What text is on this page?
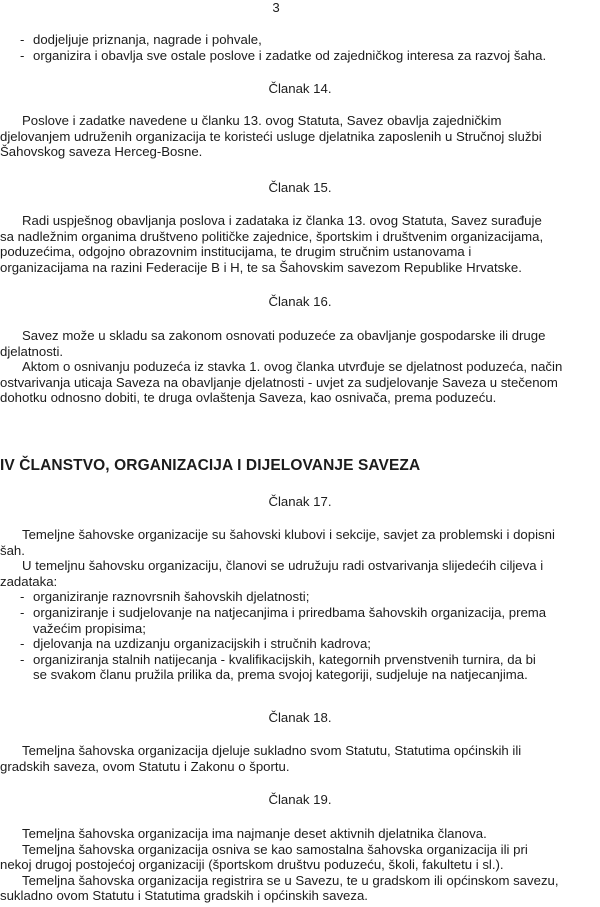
3
- dodjeljuje priznanja, nagrade i pohvale,
- organizira i obavlja sve ostale poslove i zadatke od zajedničkog interesa za razvoj šaha.
Članak 14.
Poslove i zadatke navedene u članku 13. ovog Statuta, Savez obavlja zajedničkim
djelovanjem udruženih organizacija te koristeći usluge djelatnika zaposlenih u Stručnoj službi
Šahovskog saveza Herceg-Bosne.
Članak 15.
Radi uspješnog obavljanja poslova i zadataka iz članka 13. ovog Statuta, Savez surađuje
sa nadležnim organima društveno političke zajednice, športskim i društvenim organizacijama,
poduzećima, odgojno obrazovnim institucijama, te drugim stručnim ustanovama i
organizacijama na razini Federacije B i H, te sa Šahovskim savezom Republike Hrvatske.
Članak 16.
Savez može u skladu sa zakonom osnovati poduzeće za obavljanje gospodarske ili druge
djelatnosti.
Aktom o osnivanju poduzeća iz stavka 1. ovog članka utvrđuje se djelatnost poduzeća, način
ostvarivanja uticaja Saveza na obavljanje djelatnosti - uvjet za sudjelovanje Saveza u stečenom
dohotku odnosno dobiti, te druga ovlaštenja Saveza, kao osnivača, prema poduzeću.
IV ČLANSTVO, ORGANIZACIJA I DIJELOVANJE SAVEZA
Članak 17.
Temeljne šahovske organizacije su šahovski klubovi i sekcije, savjet za problemski i dopisni
šah.
U temeljnu šahovsku organizaciju, članovi se udružuju radi ostvarivanja slijedećih ciljeva i
zadataka:
- organiziranje raznovrsnih šahovskih djelatnosti;
- organiziranje i sudjelovanje na natjecanjima i priredbama šahovskih organizacija, prema
važećim propisima;
- djelovanja na uzdizanju organizacijskih i stručnih kadrova;
- organiziranja stalnih natijecanja - kvalifikacijskih, kategornih prvenstvenih turnira, da bi
se svakom članu pružila prilika da, prema svojoj kategoriji, sudjeluje na natjecanjima.
Članak 18.
Temeljna šahovska organizacija djeluje sukladno svom Statutu, Statutima općinskih ili
gradskih saveza, ovom Statutu i Zakonu o športu.
Članak 19.
Temeljna šahovska organizacija ima najmanje deset aktivnih djelatnika članova.
Temeljna šahovska organizacija osniva se kao samostalna šahovska organizacija ili pri
nekoj drugoj postojećoj organizaciji (športskom društvu poduzeću, školi, fakultetu i sl.).
Temeljna šahovska organizacija registrira se u Savezu, te u gradskom ili općinskom savezu,
sukladno ovom Statutu i Statutima gradskih i općinskih saveza.
